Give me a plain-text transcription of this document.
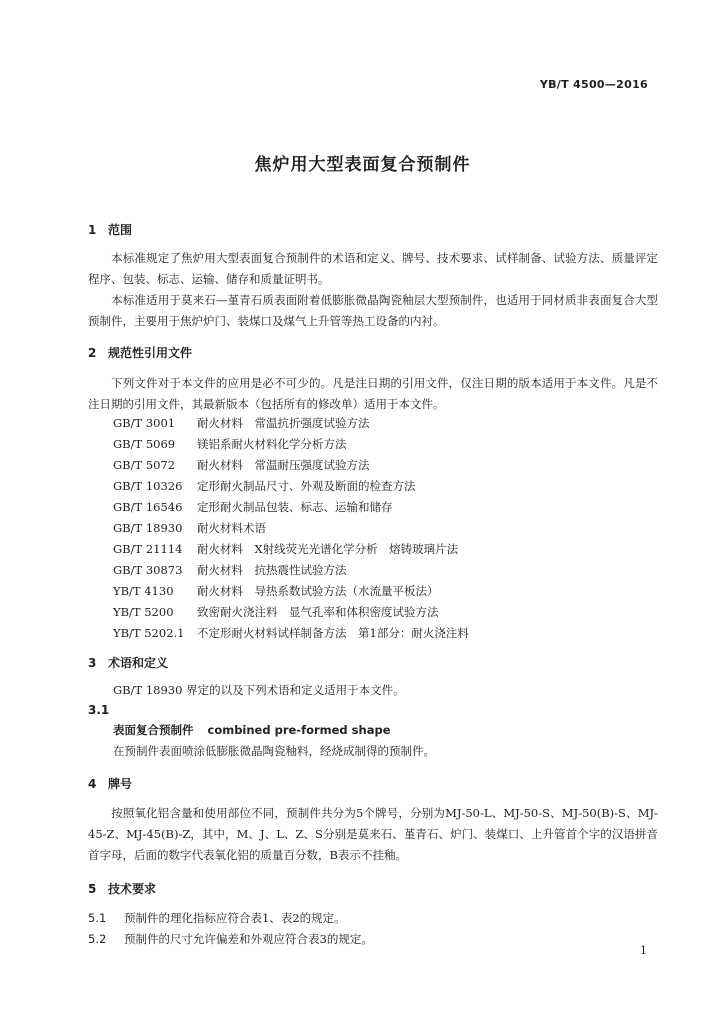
YB/T 4500—2016
焦炉用大型表面复合预制件
1 范围
本标准规定了焦炉用大型表面复合预制件的术语和定义、牌号、技术要求、试样制备、试验方法、质量评定程序、包装、标志、运输、储存和质量证明书。
本标准适用于莫来石—堇青石质表面附着低膨胀微晶陶瓷釉层大型预制件，也适用于同材质非表面复合大型预制件，主要用于焦炉炉门、装煤口及煤气上升管等热工设备的内衬。
2 规范性引用文件
下列文件对于本文件的应用是必不可少的。凡是注日期的引用文件，仅注日期的版本适用于本文件。凡是不注日期的引用文件，其最新版本（包括所有的修改单）适用于本文件。
GB/T 3001 耐火材料　常温抗折强度试验方法
GB/T 5069 镁铝系耐火材料化学分析方法
GB/T 5072 耐火材料　常温耐压强度试验方法
GB/T 10326 定形耐火制品尺寸、外观及断面的检查方法
GB/T 16546 定形耐火制品包装、标志、运输和储存
GB/T 18930 耐火材料术语
GB/T 21114 耐火材料　X射线荧光光谱化学分析　熔铸玻璃片法
GB/T 30873 耐火材料　抗热震性试验方法
YB/T 4130 耐火材料　导热系数试验方法（水流量平板法）
YB/T 5200 致密耐火浇注料　显气孔率和体积密度试验方法
YB/T 5202.1 不定形耐火材料试样制备方法　第1部分：耐火浇注料
3 术语和定义
GB/T 18930 界定的以及下列术语和定义适用于本文件。
3.1
表面复合预制件 combined pre-formed shape
在预制件表面喷涂低膨胀微晶陶瓷釉料，经烧成制得的预制件。
4 牌号
按照氧化铝含量和使用部位不同，预制件共分为5个牌号，分别为MJ-50-L、MJ-50-S、MJ-50(B)-S、MJ-45-Z、MJ-45(B)-Z，其中，M、J、L、Z、S分别是莫来石、堇青石、炉门、装煤口、上升管首个字的汉语拼音首字母，后面的数字代表氧化铝的质量百分数，B表示不挂釉。
5 技术要求
5.1 预制件的理化指标应符合表1、表2的规定。
5.2 预制件的尺寸允许偏差和外观应符合表3的规定。
1
